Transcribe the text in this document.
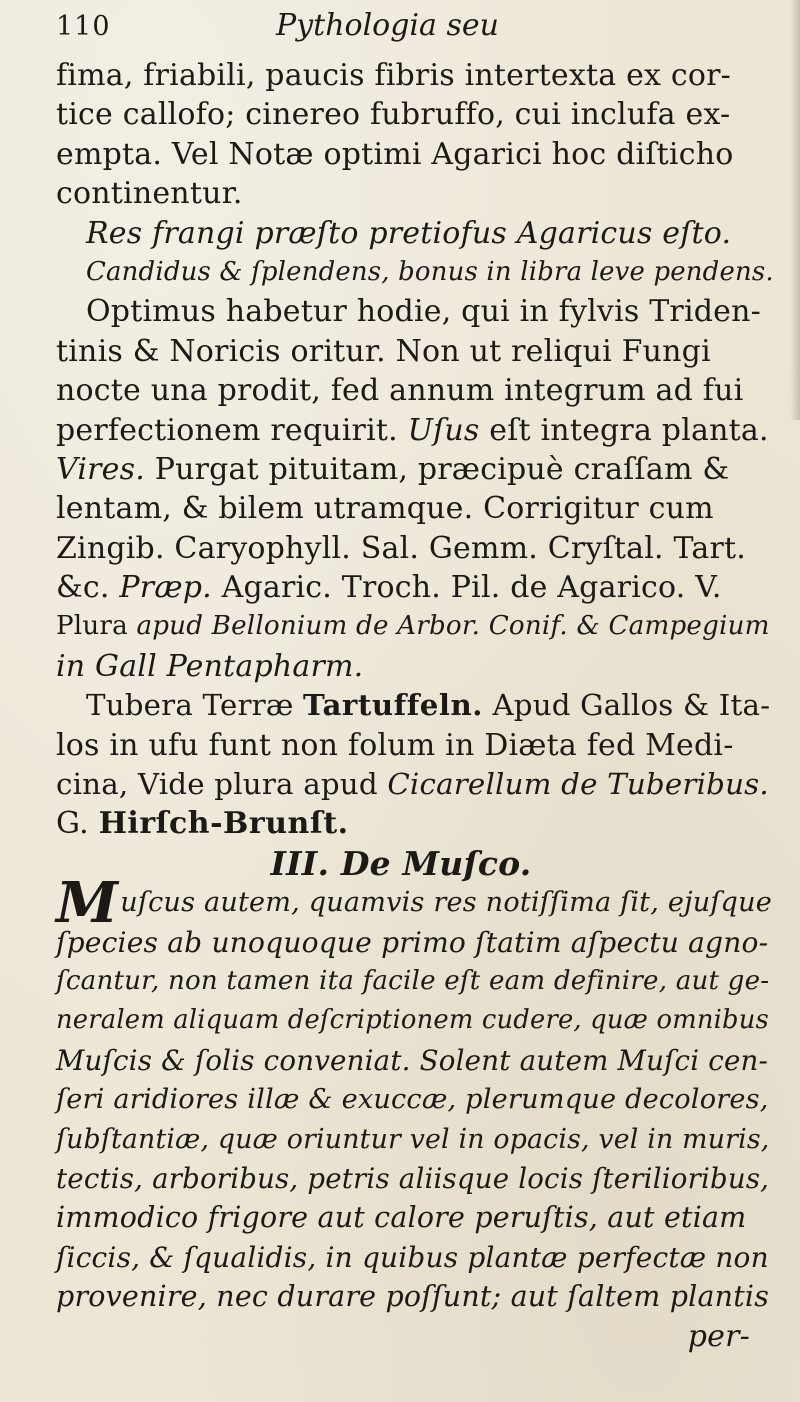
110	Pythologia seu
fima, friabili, paucis fibris intertexta ex cor-
tice callofo; cinereo fubruffo, cui inclufa ex-
empta. Vel Notæ optimi Agarici hoc diſticho
continentur.
Res frangi præſto pretiofus Agaricus eſto.
Candidus & ſplendens, bonus in libra leve pendens.
Optimus habetur hodie, qui in fylvis Triden-
tinis & Noricis oritur. Non ut reliqui Fungi
nocte una prodit, fed annum integrum ad fui
perfectionem requirit. Uſus eſt integra planta.
Vires. Purgat pituitam, præcipuè craſſam &
lentam, & bilem utramque. Corrigitur cum
Zingib. Caryophyll. Sal. Gemm. Cryſtal. Tart.
&c. Præp. Agaric. Troch. Pil. de Agarico. V.
Plura apud Bellonium de Arbor. Conif. & Campegium
in Gall Pentapharm.
Tubera Terræ Tartuffeln. Apud Gallos & Ita-
los in ufu funt non folum in Diæta fed Medi-
cina, Vide plura apud Cicarellum de Tuberibus.
G. Hirſch-Brunſt.
III. De Muſco.
Muſcus autem, quamvis res notiſſima ſit, ejuſque
ſpecies ab unoquoque primo ſtatim aſpectu agno-
ſcantur, non tamen ita facile eſt eam definire, aut ge-
neralem aliquam deſcriptionem cudere, quæ omnibus
Muſcis & ſolis conveniat. Solent autem Muſci cen-
ſeri aridiores illæ & exuccæ, plerumque decolores,
ſubſtantiæ, quæ oriuntur vel in opacis, vel in muris,
tectis, arboribus, petris aliisque locis ſterilioribus,
immodico frigore aut calore peruſtis, aut etiam
ſiccis, & ſqualidis, in quibus plantæ perfectæ non
provenire, nec durare poſſunt; aut ſaltem plantis
per-
